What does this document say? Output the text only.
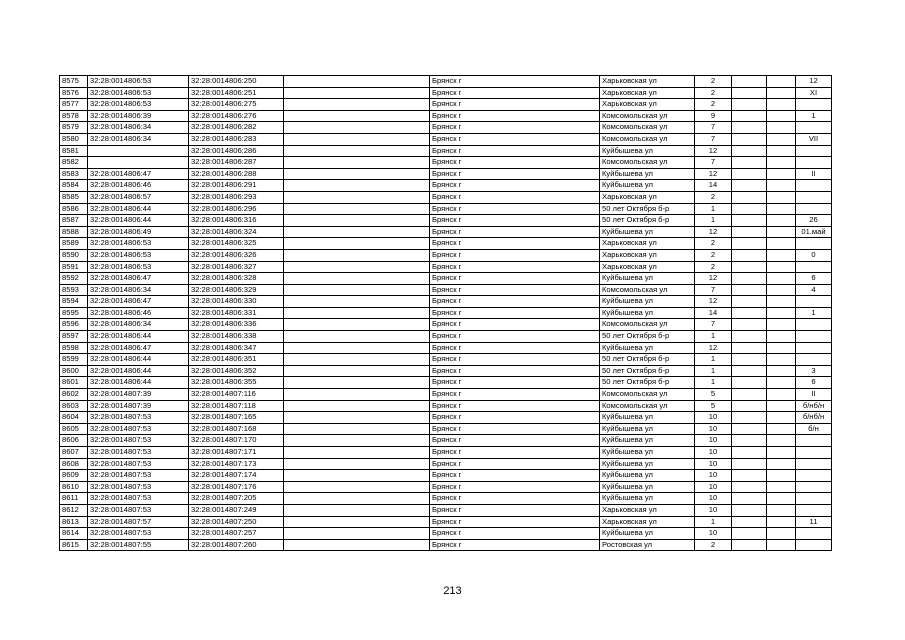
8575	32:28:0014806:53	32:28:0014806:250		Брянск г		Харьковская ул	2			12
8576	32:28:0014806:53	32:28:0014806:251		Брянск г		Харьковская ул	2			XI
8577	32:28:0014806:53	32:28:0014806:275		Брянск г		Харьковская ул	2			
8578	32:28:0014806:39	32:28:0014806:276		Брянск г		Комсомольская ул	9			1
8579	32:28:0014806:34	32:28:0014806:282		Брянск г		Комсомольская ул	7			
8580	32:28:0014806:34	32:28:0014806:283		Брянск г		Комсомольская ул	7			VII
8581		32:28:0014806:286		Брянск г		Куйбышева ул	12			
8582		32:28:0014806:287		Брянск г		Комсомольская ул	7			
8583	32:28:0014806:47	32:28:0014806:288		Брянск г		Куйбышева ул	12			II
8584	32:28:0014806:46	32:28:0014806:291		Брянск г		Куйбышева ул	14			
8585	32:28:0014806:57	32:28:0014806:293		Брянск г		Харьковская ул	2			
8586	32:28:0014806:44	32:28:0014806:296		Брянск г		50 лет Октября б-р	1			
8587	32:28:0014806:44	32:28:0014806:316		Брянск г		50 лет Октября б-р	1			26
8588	32:28:0014806:49	32:28:0014806:324		Брянск г		Куйбышева ул	12			01.май
8589	32:28:0014806:53	32:28:0014806:325		Брянск г		Харьковская ул	2			
8590	32:28:0014806:53	32:28:0014806:326		Брянск г		Харьковская ул	2			0
8591	32:28:0014806:53	32:28:0014806:327		Брянск г		Харьковская ул	2			
8592	32:28:0014806:47	32:28:0014806:328		Брянск г		Куйбышева ул	12			6
8593	32:28:0014806:34	32:28:0014806:329		Брянск г		Комсомольская ул	7			4
8594	32:28:0014806:47	32:28:0014806:330		Брянск г		Куйбышева ул	12			
8595	32:28:0014806:46	32:28:0014806:331		Брянск г		Куйбышева ул	14			1
8596	32:28:0014806:34	32:28:0014806:336		Брянск г		Комсомольская ул	7			
8597	32:28:0014806:44	32:28:0014806:338		Брянск г		50 лет Октября б-р	1			
8598	32:28:0014806:47	32:28:0014806:347		Брянск г		Куйбышева ул	12			
8599	32:28:0014806:44	32:28:0014806:351		Брянск г		50 лет Октября б-р	1			
8600	32:28:0014806:44	32:28:0014806:352		Брянск г		50 лет Октября б-р	1			3
8601	32:28:0014806:44	32:28:0014806:355		Брянск г		50 лет Октября б-р	1			6
8602	32:28:0014807:39	32:28:0014807:116		Брянск г		Комсомольская ул	5			II
8603	32:28:0014807:39	32:28:0014807:118		Брянск г		Комсомольская ул	5			б/нб/н
8604	32:28:0014807:53	32:28:0014807:165		Брянск г		Куйбышева ул	10			б/нб/н
8605	32:28:0014807:53	32:28:0014807:168		Брянск г		Куйбышева ул	10			б/н
8606	32:28:0014807:53	32:28:0014807:170		Брянск г		Куйбышева ул	10			
8607	32:28:0014807:53	32:28:0014807:171		Брянск г		Куйбышева ул	10			
8608	32:28:0014807:53	32:28:0014807:173		Брянск г		Куйбышева ул	10			
8609	32:28:0014807:53	32:28:0014807:174		Брянск г		Куйбышева ул	10			
8610	32:28:0014807:53	32:28:0014807:176		Брянск г		Куйбышева ул	10			
8611	32:28:0014807:53	32:28:0014807:205		Брянск г		Куйбышева ул	10			
8612	32:28:0014807:53	32:28:0014807:249		Брянск г		Харьковская ул	10			
8613	32:28:0014807:57	32:28:0014807:250		Брянск г		Харьковская ул	1			11
8614	32:28:0014807:53	32:28:0014807:257		Брянск г		Куйбышева ул	10			
8615	32:28:0014807:55	32:28:0014807:260		Брянск г		Ростовская ул	2			
213
